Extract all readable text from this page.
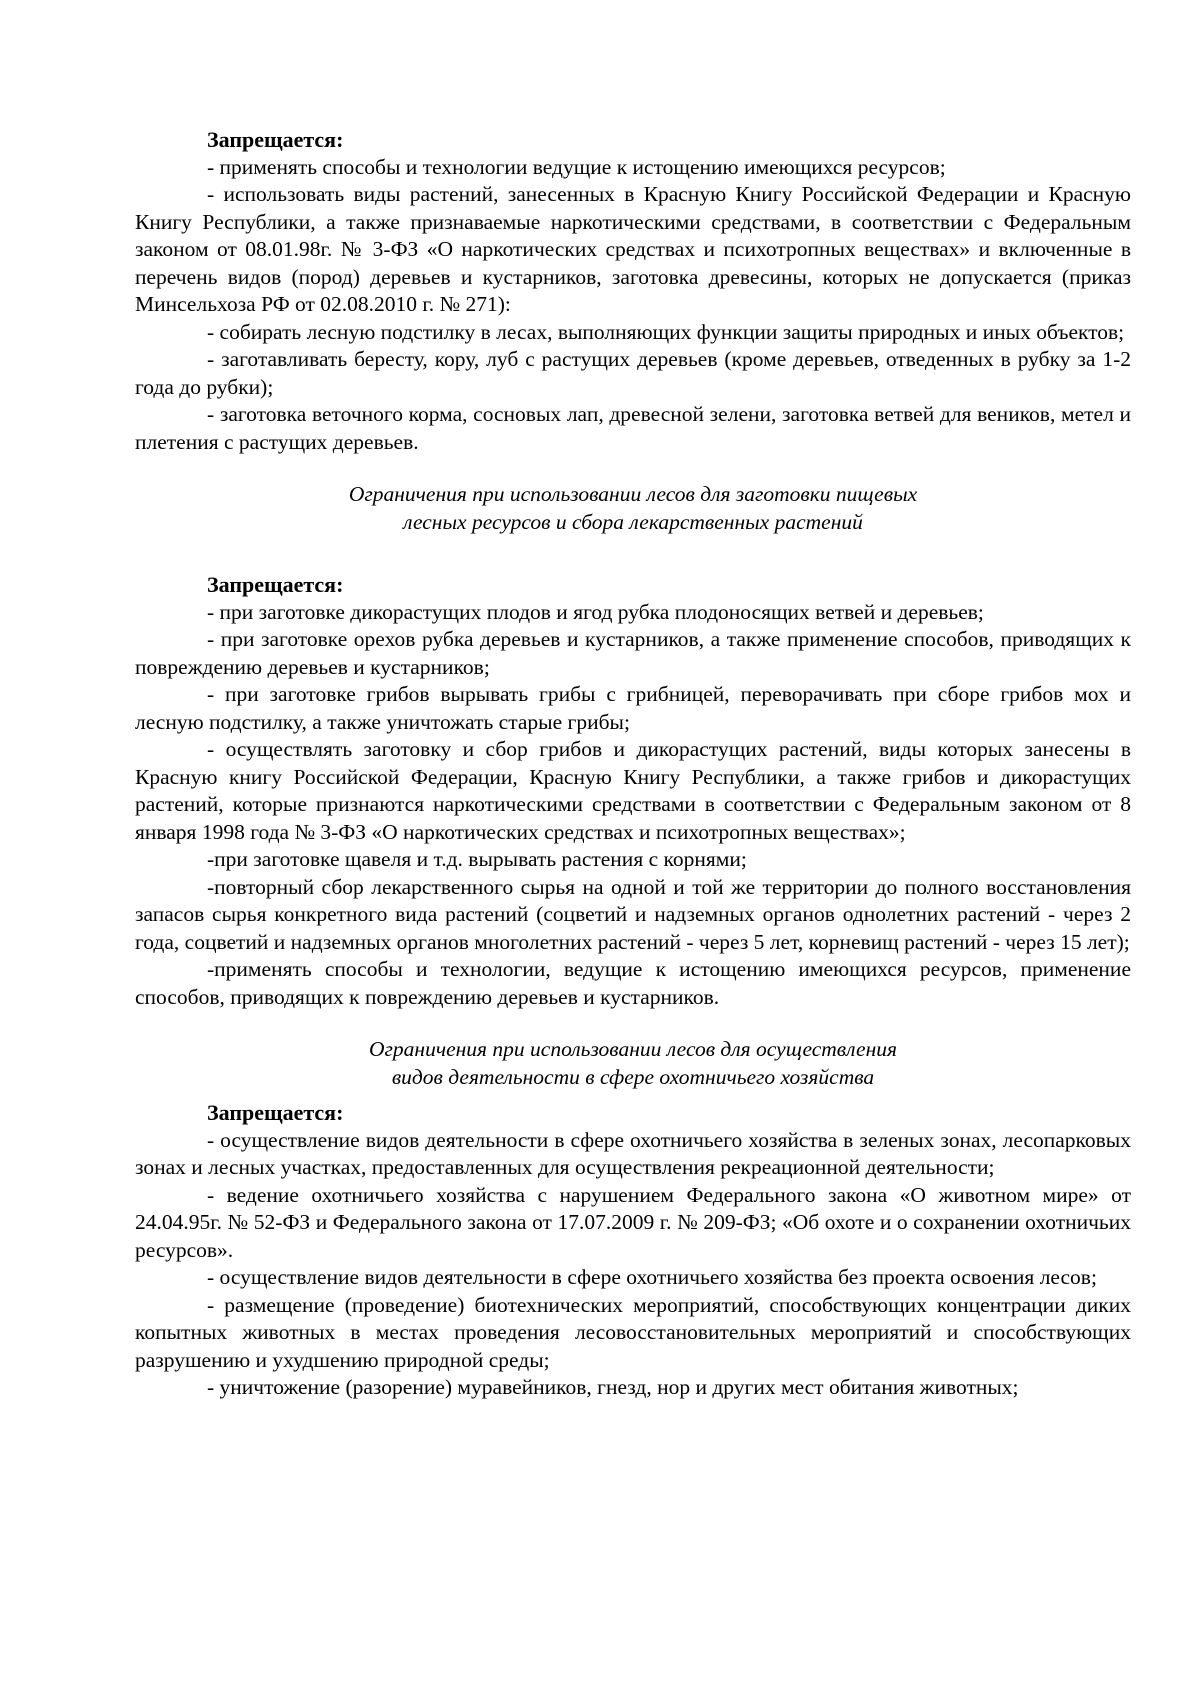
Запрещается:

- применять способы и технологии ведущие к истощению имеющихся ресурсов;

- использовать виды растений, занесенных в Красную Книгу Российской Федерации и Красную Книгу Республики, а также признаваемые наркотическими средствами, в соответствии с Федеральным законом от 08.01.98г. № 3-ФЗ «О наркотических средствах и психотропных веществах» и включенные в перечень видов (пород) деревьев и кустарников, заготовка древесины, которых не допускается (приказ Минсельхоза РФ от 02.08.2010 г. № 271):

- собирать лесную подстилку в лесах, выполняющих функции защиты природных и иных объектов;

- заготавливать бересту, кору, луб с растущих деревьев (кроме деревьев, отведенных в рубку за 1-2 года до рубки);

- заготовка веточного корма, сосновых лап, древесной зелени, заготовка ветвей для веников, метел и плетения с растущих деревьев.

Ограничения при использовании лесов для заготовки пищевых
лесных ресурсов и сбора лекарственных растений

Запрещается:

- при заготовке дикорастущих плодов и ягод рубка плодоносящих ветвей и деревьев;

- при заготовке орехов рубка деревьев и кустарников, а также применение способов, приводящих к повреждению деревьев и кустарников;

- при заготовке грибов вырывать грибы с грибницей, переворачивать при сборе грибов мох и лесную подстилку, а также уничтожать старые грибы;

- осуществлять заготовку и сбор грибов и дикорастущих растений, виды которых занесены в Красную книгу Российской Федерации, Красную Книгу Республики, а также грибов и дикорастущих растений, которые признаются наркотическими средствами в соответствии с Федеральным законом от 8 января 1998 года № 3-ФЗ «О наркотических средствах и психотропных веществах»;

-при заготовке щавеля и т.д. вырывать растения с корнями;

-повторный сбор лекарственного сырья на одной и той же территории до полного восстановления запасов сырья конкретного вида растений (соцветий и надземных органов однолетних растений - через 2 года, соцветий и надземных органов многолетних растений - через 5 лет, корневищ растений - через 15 лет);

-применять способы и технологии, ведущие к истощению имеющихся ресурсов, применение способов, приводящих к повреждению деревьев и кустарников.

Ограничения при использовании лесов для осуществления
видов деятельности в сфере охотничьего хозяйства

Запрещается:

- осуществление видов деятельности в сфере охотничьего хозяйства в зеленых зонах, лесопарковых зонах и лесных участках, предоставленных для осуществления рекреационной деятельности;

- ведение охотничьего хозяйства с нарушением Федерального закона «О животном мире» от 24.04.95г. № 52-ФЗ и Федерального закона от 17.07.2009 г. № 209-ФЗ; «Об охоте и о сохранении охотничьих ресурсов».

- осуществление видов деятельности в сфере охотничьего хозяйства без проекта освоения лесов;

- размещение (проведение) биотехнических мероприятий, способствующих концентрации диких копытных животных в местах проведения лесовосстановительных мероприятий и способствующих разрушению и ухудшению природной среды;

- уничтожение (разорение) муравейников, гнезд, нор и других мест обитания животных;
